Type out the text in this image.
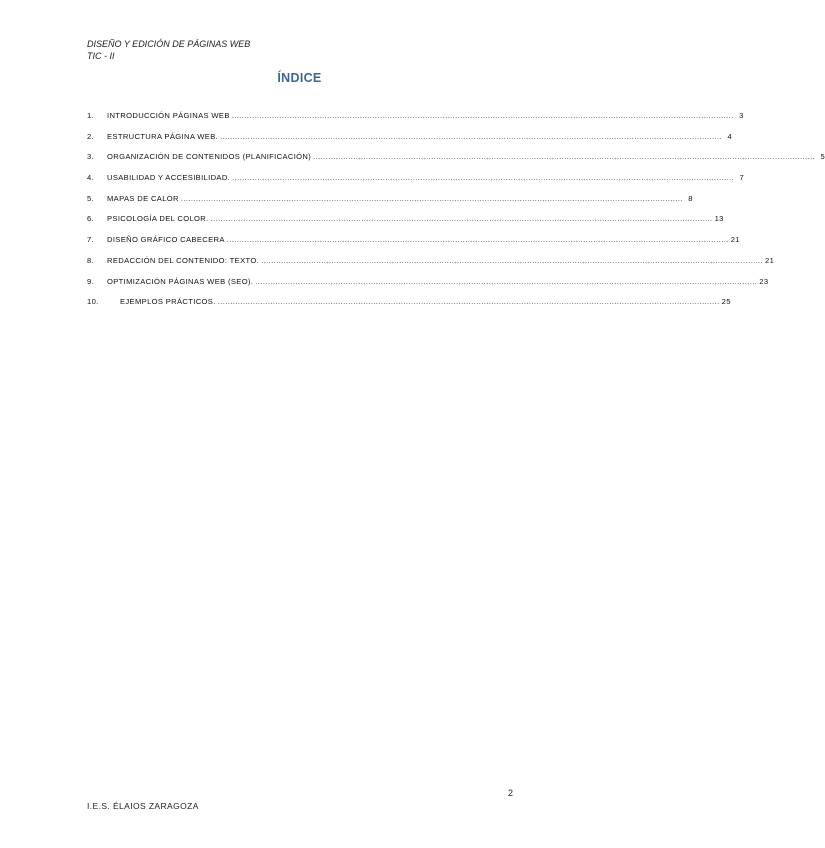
DISEÑO Y EDICIÓN DE PÁGINAS WEB
TIC - II
ÍNDICE
1.	INTRODUCCIÓN PÁGINAS WEB ........................................................................................................................................................................................................ 3
2.	ESTRUCTURA PÁGINA WEB. ........................................................................................................................................................................................................ 4
3.	ORGANIZACIÓN DE CONTENIDOS (PLANIFICACIÓN) ........................................................................................................................................................................................................ 5
4.	USABILIDAD Y ACCESIBILIDAD. ........................................................................................................................................................................................................ 7
5.	MAPAS DE CALOR ........................................................................................................................................................................................................ 8
6.	PSICOLOGÍA DEL COLOR. ........................................................................................................................................................................................................ 13
7.	DISEÑO GRÁFICO CABECERA ........................................................................................................................................................................................................ 21
8.	REDACCIÓN DEL CONTENIDO: TEXTO. ........................................................................................................................................................................................................ 21
9.	OPTIMIZACIÓN PÁGINAS WEB (SEO). ........................................................................................................................................................................................................ 23
10.	EJEMPLOS PRÁCTICOS. ........................................................................................................................................................................................................ 25
2
I.E.S. ÉLAIOS ZARAGOZA
